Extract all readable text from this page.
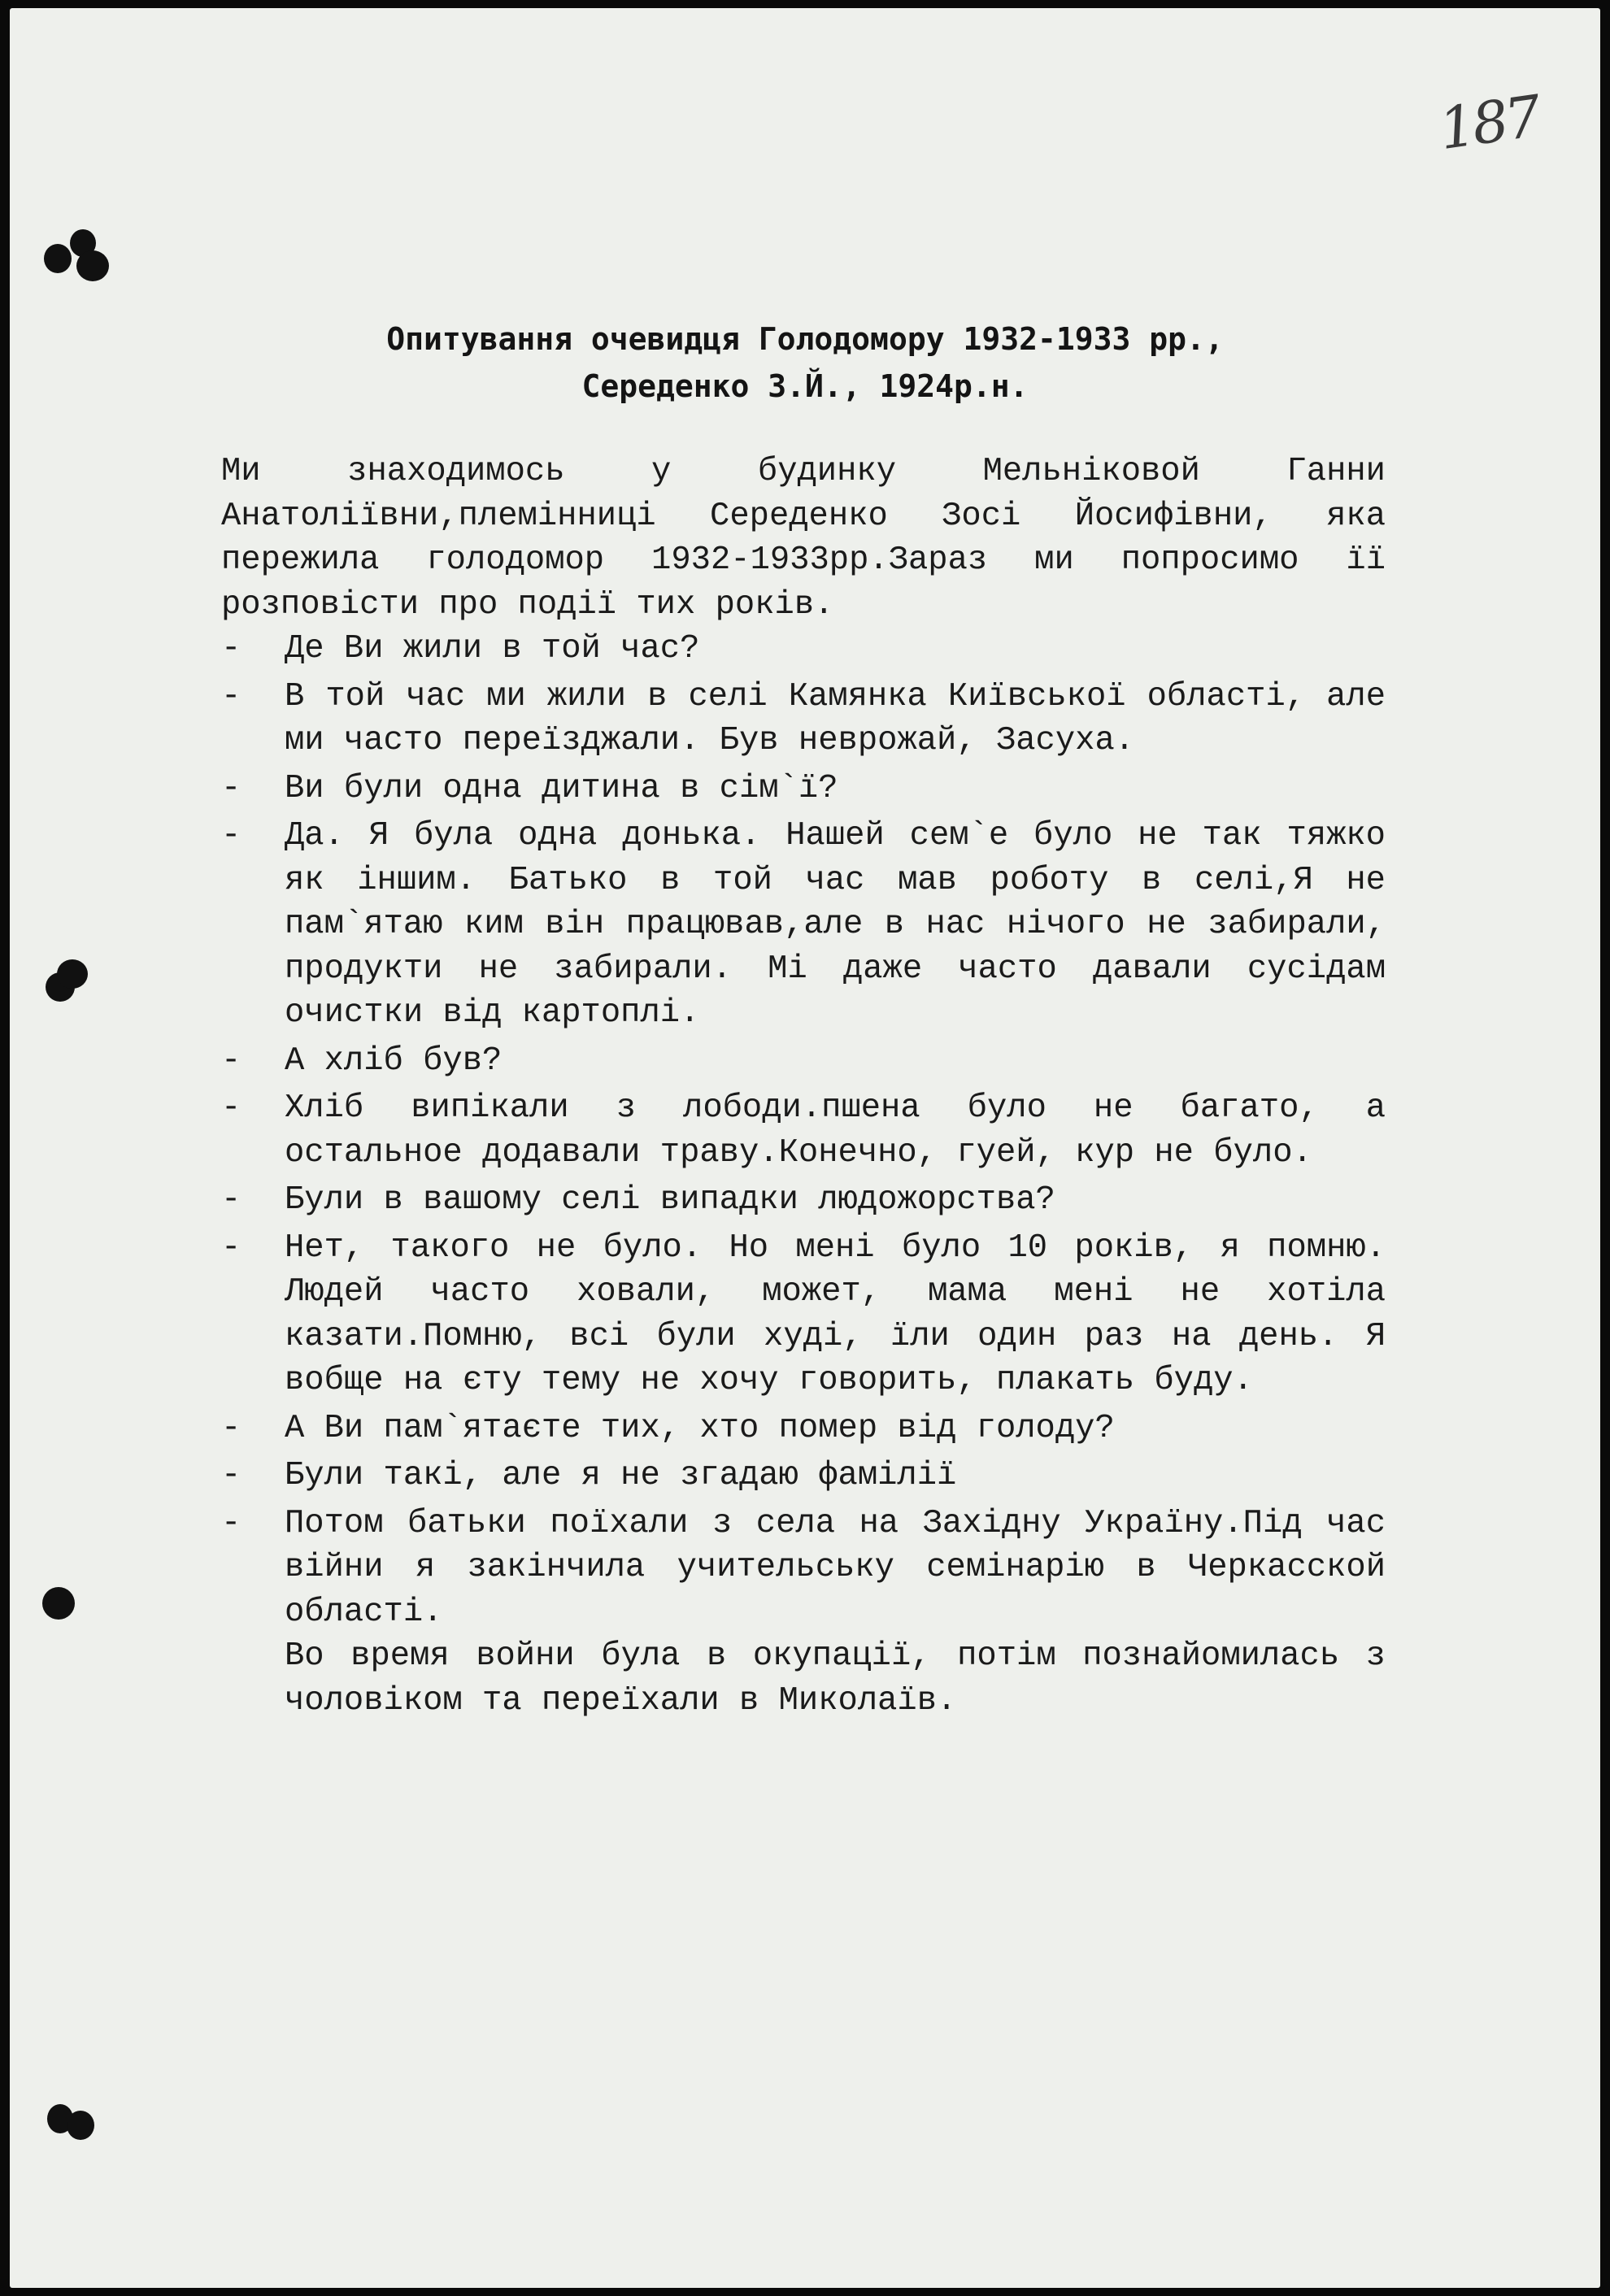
187
Опитування очевидця Голодомору 1932-1933 рр.,
Середенко З.Й., 1924р.н.

Ми знаходимось у будинку Мельніковой Ганни Анатоліївни,племінниці Середенко Зосі Йосифівни, яка пережила голодомор 1932-1933рр.Зараз ми попросимо її розповісти про події тих років.

-	Де Ви жили в той час?
-	В той час ми жили в селі Камянка Київської області, але ми часто переїзджали. Був неврожай, Засуха.
-	Ви були одна дитина в сім`ї?
-	Да. Я була одна донька. Нашей сем`е було не так тяжко як іншим. Батько в той час мав роботу в селі,Я не пам`ятаю ким він працював,але в нас нічого не забирали, продукти не забирали. Мі даже часто давали сусідам очистки від картоплі.
-	А хліб був?
-	Хліб випікали з лободи.пшена було не багато, а остальное додавали траву.Конечно, гуей, кур не було.
-	Були в вашому селі випадки людожорства?
-	Нет, такого не було. Но мені було 10 років, я помню. Людей часто ховали, может, мама мені не хотіла казати.Помню, всі були худі, їли один раз на день. Я вобще на єту тему не хочу говорить, плакать буду.
-	А Ви пам`ятаєте тих, хто помер від голоду?
-	Були такі, але я не згадаю фамілії
-	Потом батьки поїхали з села на Західну Україну.Під час війни я закінчила учительську семінарію в Черкасской області.

Во время войни була в окупації, потім познайомилась з чоловіком та переїхали в Миколаїв.
